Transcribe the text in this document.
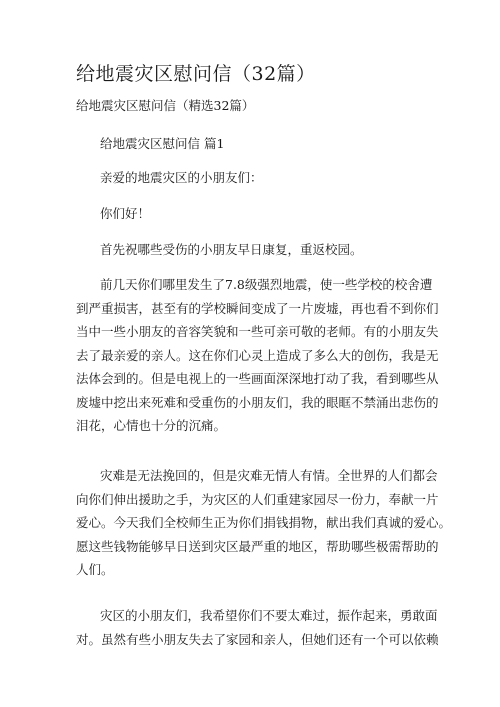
给地震灾区慰问信（32篇）
给地震灾区慰问信（精选32篇）
给地震灾区慰问信 篇1

亲爱的地震灾区的小朋友们：

你们好！

首先祝哪些受伤的小朋友早日康复，重返校园。

前几天你们哪里发生了7.8级强烈地震，使一些学校的校舍遭
到严重损害，甚至有的学校瞬间变成了一片废墟，再也看不到你们
当中一些小朋友的音容笑貌和一些可亲可敬的老师。有的小朋友失
去了最亲爱的亲人。这在你们心灵上造成了多么大的创伤，我是无
法体会到的。但是电视上的一些画面深深地打动了我，看到哪些从
废墟中挖出来死难和受重伤的小朋友们，我的眼眶不禁涌出悲伤的
泪花，心情也十分的沉痛。

灾难是无法挽回的，但是灾难无情人有情。全世界的人们都会
向你们伸出援助之手，为灾区的人们重建家园尽一份力，奉献一片
爱心。今天我们全校师生正为你们捐钱捐物，献出我们真诚的爱心。
愿这些钱物能够早日送到灾区最严重的地区，帮助哪些极需帮助的
人们。

灾区的小朋友们，我希望你们不要太难过，振作起来，勇敢面
对。虽然有些小朋友失去了家园和亲人，但她们还有一个可以依赖
